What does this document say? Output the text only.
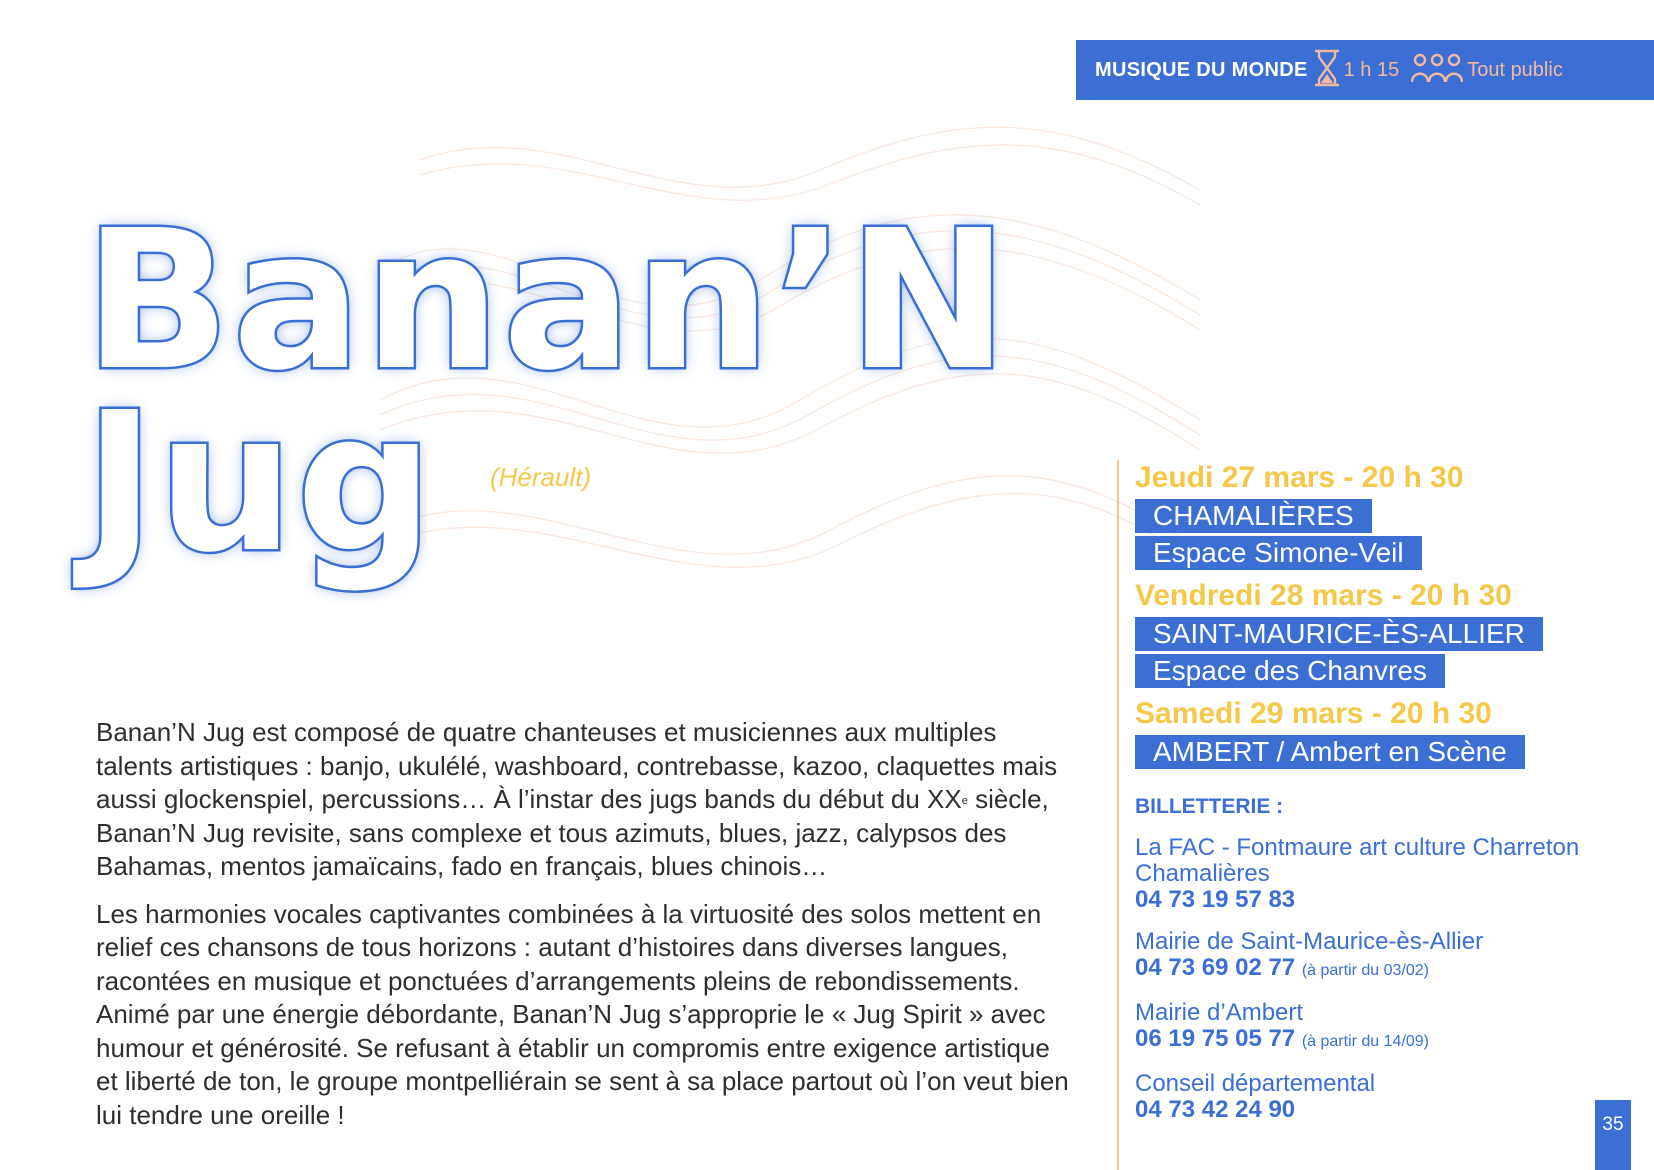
MUSIQUE DU MONDE 1 h 15	Tout public
Banan’N
Jug (Hérault)

Banan’N Jug est composé de quatre chanteuses et musiciennes aux multiples talents artistiques : banjo, ukulélé, washboard, contrebasse, kazoo, claquettes mais aussi glockenspiel, percussions… À l’instar des jugs bands du début du XXe siècle, Banan’N Jug revisite, sans complexe et tous azimuts, blues, jazz, calypsos des Bahamas, mentos jamaïcains, fado en français, blues chinois…

Les harmonies vocales captivantes combinées à la virtuosité des solos mettent en relief ces chansons de tous horizons : autant d’histoires dans diverses langues, racontées en musique et ponctuées d’arrangements pleins de rebondissements. Animé par une énergie débordante, Banan’N Jug s’approprie le « Jug Spirit » avec humour et générosité. Se refusant à établir un compromis entre exigence artistique et liberté de ton, le groupe montpelliérain se sent à sa place partout où l’on veut bien lui tendre une oreille !

Jeudi 27 mars - 20 h 30
CHAMALIÈRES
Espace Simone-Veil
Vendredi 28 mars - 20 h 30
SAINT-MAURICE-ÈS-ALLIER
Espace des Chanvres
Samedi 29 mars - 20 h 30
AMBERT / Ambert en Scène
BILLETTERIE :
La FAC - Fontmaure art culture Charreton Chamalières
04 73 19 57 83
Mairie de Saint-Maurice-ès-Allier
04 73 69 02 77 (à partir du 03/02)
Mairie d’Ambert
06 19 75 05 77 (à partir du 14/09)
Conseil départemental
04 73 42 24 90
35
